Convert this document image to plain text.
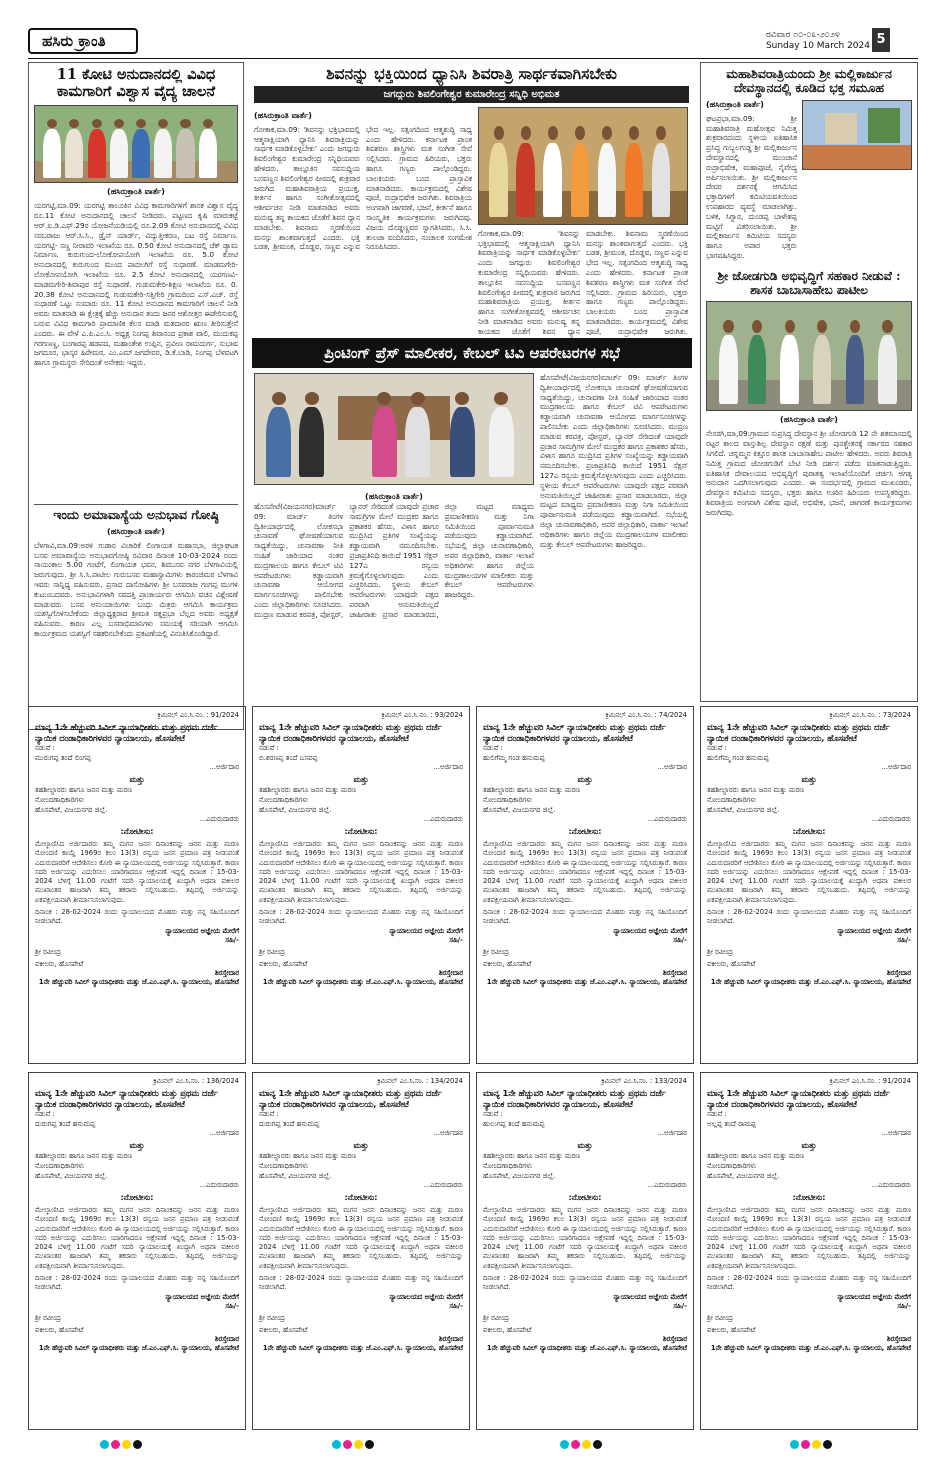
ಹಸಿರು ಕ್ರಾಂತಿ	ರವಿವಾರ ೧೦-೦೩-೨೦೨೪
Sunday 10 March 2024 5
11 ಕೋಟಿ ಅನುದಾನದಲ್ಲಿ ವಿವಿಧ ಕಾಮಗಾರಿಗೆ ವಿಶ್ವಾಸ ವೈದ್ಯ ಚಾಲನೆ
(ಹಸಿರುಕ್ರಾಂತಿ ವಾರ್ತೆ)
ಯರಗಟ್ಟಿ,ಮಾ.09: ಯರಗಟ್ಟಿ ತಾಲೂಕಿನ ವಿವಿಧ ಕಾಮಗಾರಿಗಳಿಗೆ ಶಾಸಕ ವಿಶ್ವಾಸ ವೈದ್ಯ ರೂ.11 ಕೋಟಿ ಅನುದಾನದಲ್ಲಿ ಚಾಲನೆ ನೀಡಿದರು. ಪಟ್ಟಣದ ಕೃಷಿ ಮಾರುಕಟ್ಟೆ ಆರ್.ಐ.ಡಿ.ಎಫ್.29ರ ಯೋಜನೆಯಡಿಯಲ್ಲಿ ರೂ.2.09 ಕೋಟಿ ಅನುದಾನದಲ್ಲಿ ವಿವಿಧ ಸರಬರಾಜು ಆರ್.ಸಿ.ಸಿ., ಡ್ರೈನ್ ಯಾರ್ಡ್, ವಿದ್ಯುತ್ತೀಕರಣ, ಬಟ ರಸ್ತೆ ನಿರ್ಮಾಣ. ಯರಗಟ್ಟಿ- ಸಣ್ಣ ನೀರಾವರಿ ಇಲಾಖೆಯ ರೂ. 0.50 ಕೋಟಿ ಅನುದಾನದಲ್ಲಿ ಚೆಕ್ ಡ್ಯಾಮ ನಿರ್ಮಾಣ. ಕುರುಗುಂದ-ಲೋಕೋಪಯೋಗಿ ಇಲಾಖೆಯ ರೂ. 5.0 ಕೋಟಿ ಅನುದಾನದಲ್ಲಿ ಕುರುಗುಂದ ಮುಂದ ಪಾದಲಗಿಗೆ ರಸ್ತೆ ಸುಧಾರಣೆ. ಮಾಡಮಗೇರಿ-ಲೋಕೋಪಯೋಗಿ ಇಲಾಖೆಯ ರೂ. 2.5 ಕೋಟಿ ಅನುದಾನದಲ್ಲಿ ಯರಗಣವಿ-ಮಾಡಮಗೇರಿ-ಶಿವಾಪುರ ರಸ್ತೆ ಸುಧಾರಣೆ. ಗುಡುಮಕೇರಿ-ಶಿಕ್ಷಣ ಇಲಾಖೆಯ ರೂ. 0. 20.38 ಕೋಟಿ ಅನುದಾನದಲ್ಲಿ ಗುಡುಮಕೇರಿ-ಸತ್ತಿಗೇರಿ ಗ್ರಾಮದಿಂದ ಎಸ್.ಎಚ್. ರಸ್ತೆ ಸುಧಾರಣೆ ಒಟ್ಟು ಸುಮಾರು ರೂ. 11 ಕೋಟಿ ಅನುದಾನದ ಕಾಮಗಾರಿಗೆ ಚಾಲನೆ ನೀಡಿ ಅವರು ಮಾತನಾಡಿ ಈ ಕ್ಷೇತ್ರಕ್ಕೆ ಹೆಚ್ಚು ಅನುದಾನ ತಂದು ಜನರ ಆಶೋತ್ತರ ಈಡೇರಿಸುವಲ್ಲಿ ಬರುವ ವಿವಿಧ ಕಾಮಗಾರಿ ಪ್ರಾಮಾಣಿಕ ಕೆಲಸ ಮಾಡಿ ಮತದಾರರ ಋಣ ತೀರಿಸುತ್ತೇನೆ ಎಂದರು. ಈ ವೇಳೆ ಎ.ಪಿ.ಎಂ.ಸಿ. ಅಧ್ಯಕ್ಷ ನಿಂಗಪ್ಪ ಶಿವಾನಂದ ಪ್ರಕಾಶ ವಾಲಿ, ಮುದುಕಪ್ಪ ಗರಗಣಣ್ಣ, ಬಂಗಾರಪ್ಪ ಹಡಪದ, ಮಹಾಂತೇಶ ಉಪ್ಪಿನ, ಪ್ರವೀಣ ರಾಮದುರ್ಗ, ಸುಭಾಷ ಜಗದೂರ, ಭಾಸ್ಕರ ಹಿರೇಮಠ, ಎಂ.ಎಮ್.ಜಗದೇವರ, ಡಿ.ಕೆ.ಬಾಡಿ, ನಿಂಗಪ್ಪ ಬೆಳವಟಗಿ ಹಾಗೂ ಗ್ರಾಮಸ್ಥರು ಸೇರಿದಂತೆ ಅನೇಕರು ಇದ್ದರು.
ಇಂದು ಅಮಾವಾಸ್ಯೆಯ ಅನುಭಾವ ಗೋಷ್ಠಿ
(ಹಸಿರುಕ್ರಾಂತಿ ವಾರ್ತೆ)
ಬೆಳಗಾವಿ,ಮಾ.09:ಅರಳಿ ಗುಡಾರ ವಿಚಾರಿಕೆ ಲಿಂಗಾಯತ ಮಹಾಸಭಾ, ಜಿಲ್ಲಾಘಟಕ ಬಸವ ಅಮಾವಾಸ್ಯೆಯ ಅನುಭಾವಗೋಷ್ಠಿ ರವಿವಾರ ದಿನಾಂಕ 10-03-2024 ರಂದು ಸಾಯಂಕಾಲ 5.00 ಗಂಟೆಗೆ, ಲಿಂಗಾಯತ ಭವನ, ಶಿವಬಸವ ನಗರ ಬೆಳಗಾವಿಯಲ್ಲಿ ಜರುಗುವುದು. ಶ್ರೀ ಸಿ.ಸಿ.ಪಾಟೀಲ ಗುರುಬಸವ ಮಹಾಸ್ವಾಮಿಗಳು ಕಾರಂಜಿಮಠ ಬೆಳಗಾವಿ ಇವರು ಸಾನ್ನಿಧ್ಯ ವಹಿಸುವರು. ಪ್ರಸಾದ ದಾಸೋಹಿಗಳು ಶ್ರೀ ಬಸವರಾಜ ಗಂಗಪ್ಪ ಮುಗಳಿ ಕುಟುಂಬದವರು. ಅನುಭಾವಿಗಳಾಗಿ ಸವದತ್ತಿ ಪ್ರಾಚಾರ್ಯರು ಆಗಮಿಸಿ ವಚನ ವಿಶ್ಲೇಷಣೆ ಮಾಡುವರು. ಬಸವ ಅನುಯಾಯಿಗಳು ಬಂಧು ಮಿತ್ರರು ಆಗಮಿಸಿ ಕಾರ್ಯಕ್ರಮ ಯಶಸ್ವಿಗೊಳಿಸಬೇಕೆಂದು ಜಿಲ್ಲಾಧ್ಯಕ್ಷರಾದ ಶ್ರೀಮತಿ ರತ್ನಪ್ರಭಾ ಬೆಲ್ಲದ ಅವರು ಅಧ್ಯಕ್ಷತೆ ವಹಿಸುವರು. ಕಾರಣ ಎಲ್ಲ ಬಸವಾಭಿಮಾನಿಗಳು ಸಮಯಕ್ಕೆ ಸರಿಯಾಗಿ ಆಗಮಿಸಿ ಕಾರ್ಯಕ್ರಮದ ಯಶಸ್ವಿಗೆ ಸಹಕರಿಸಬೇಕೆಂದು ಪ್ರಕಟಣೆಯಲ್ಲಿ ವಿನಂತಿಸಿಕೊಂಡಿದ್ದಾರೆ.
ಶಿವನನ್ನು ಭಕ್ತಿಯಿಂದ ಧ್ಯಾನಿಸಿ ಶಿವರಾತ್ರಿ ಸಾರ್ಥಕವಾಗಿಸಬೇಕು
ಜಗದ್ಗುರು ಶಿವಲಿಂಗೇಶ್ವರ ಕುಮಾರೇಂದ್ರ ಸನ್ನಿಧಿ ಅಭಿಮತ
(ಹಸಿರುಕ್ರಾಂತಿ ವಾರ್ತೆ)
ಗೋಕಾಕ,ಮಾ.09: 'ಶಿವನನ್ನು ಭಕ್ತಿಭಾವದಲ್ಲಿ ಆತ್ಮಸಾಕ್ಷಿಯಾಗಿ ಧ್ಯಾನಿಸಿ ಶಿವರಾತ್ರಿಯನ್ನು ಸಾರ್ಥಕ ಮಾಡಿಕೊಳ್ಳಬೇಕು' ಎಂದು ಜಗದ್ಗುರು ಶಿವಲಿಂಗೇಶ್ವರ ಕುಮಾರೇಂದ್ರ ಸನ್ನಿಧಿಯವರು ಹೇಳಿದರು. ತಾಲ್ಲೂಕಿನ ಸವಸುದ್ದಿಯ ಬಸವಣ್ಣನ ಶಿವಲಿಂಗೇಶ್ವರ ಪೀಠದಲ್ಲಿ ಶುಕ್ರವಾರ ಜರುಗಿದ ಮಹಾಶಿವರಾತ್ರಿಯ ಪ್ರಯುಕ್ತ, ಕೀರ್ತನ ಹಾಗೂ ಸಂಗೀತೋತ್ಸವದಲ್ಲಿ ಆಶೀರ್ವಚನ ನೀಡಿ ಮಾತನಾಡಿದ ಅವರು ಮನುಷ್ಯ ತನ್ನ ಕಾಯಕದ ಜೊತೆಗೆ ಶಿವನ ಧ್ಯಾನ ಮಾಡಬೇಕು. ಶಿವನಾಮ ಸ್ಮರಣೆಯಿಂದ ಮನಸ್ಸು ಶಾಂತವಾಗುತ್ತದೆ ಎಂದರು. ಭಕ್ತಿ ಬಡತ, ಶ್ರೀಮಂತ, ದೊಡ್ಡವ, ಸಣ್ಣವ ಎನ್ನುವ ಭೇದ ಇಲ್ಲ. ಸತ್ಸಂಗದಿಂದ ಆತ್ಮಶುದ್ಧಿ ಸಾಧ್ಯ ಎಂದು ಹೇಳಿದರು. ಕರ್ನಾಟಕ ಪ್ರಾಂತ ಶಿವಶರಣ ಶಾಸ್ತ್ರಿಗಳು ಮತ ಸಂಗೀತ ಸೇವೆ ಸಲ್ಲಿಸಿದರು. ಗ್ರಾಮದ ಹಿರಿಯರು, ಭಕ್ತರು ಹಾಗೂ ಗಣ್ಯರು ಪಾಲ್ಗೊಂಡಿದ್ದರು. ಬಾಲಕಿಯರು ಬಂದ ಪ್ರಾಸ್ತಾವಿಕ ಮಾತನಾಡಿದರು. ಕಾರ್ಯಕ್ರಮದಲ್ಲಿ ವಿಶೇಷ ಪೂಜೆ, ರುದ್ರಾಭಿಷೇಕ ಜರುಗಿತು. ಶಿವರಾತ್ರಿಯ ಅಂಗವಾಗಿ ಜಾಗರಣೆ, ಭಜನೆ, ಕೀರ್ತನೆ ಹಾಗೂ ಸಾಂಸ್ಕೃತಿಕ ಕಾರ್ಯಕ್ರಮಗಳು ಜರುಗಿದವು. ವಿಜಯ ದೊಡ್ಡಣ್ಣವರ ಸ್ವಾಗತಿಸಿದರು, ಸಿ.ಸಿ. ತುಲಜಾ ವಂದಿಸಿದರು, ಸಂಚಾಲಕ ಸಂಗಮೇಶ ನಿರೂಪಿಸಿದರು.
ಗೋಕಾಕ,ಮಾ.09: 'ಶಿವನನ್ನು ಭಕ್ತಿಭಾವದಲ್ಲಿ ಆತ್ಮಸಾಕ್ಷಿಯಾಗಿ ಧ್ಯಾನಿಸಿ ಶಿವರಾತ್ರಿಯನ್ನು ಸಾರ್ಥಕ ಮಾಡಿಕೊಳ್ಳಬೇಕು' ಎಂದು ಜಗದ್ಗುರು ಶಿವಲಿಂಗೇಶ್ವರ ಕುಮಾರೇಂದ್ರ ಸನ್ನಿಧಿಯವರು ಹೇಳಿದರು. ತಾಲ್ಲೂಕಿನ ಸವಸುದ್ದಿಯ ಬಸವಣ್ಣನ ಶಿವಲಿಂಗೇಶ್ವರ ಪೀಠದಲ್ಲಿ ಶುಕ್ರವಾರ ಜರುಗಿದ ಮಹಾಶಿವರಾತ್ರಿಯ ಪ್ರಯುಕ್ತ, ಕೀರ್ತನ ಹಾಗೂ ಸಂಗೀತೋತ್ಸವದಲ್ಲಿ ಆಶೀರ್ವಚನ ನೀಡಿ ಮಾತನಾಡಿದ ಅವರು ಮನುಷ್ಯ ತನ್ನ ಕಾಯಕದ ಜೊತೆಗೆ ಶಿವನ ಧ್ಯಾನ ಮಾಡಬೇಕು. ಶಿವನಾಮ ಸ್ಮರಣೆಯಿಂದ ಮನಸ್ಸು ಶಾಂತವಾಗುತ್ತದೆ ಎಂದರು. ಭಕ್ತಿ ಬಡತ, ಶ್ರೀಮಂತ, ದೊಡ್ಡವ, ಸಣ್ಣವ ಎನ್ನುವ ಭೇದ ಇಲ್ಲ. ಸತ್ಸಂಗದಿಂದ ಆತ್ಮಶುದ್ಧಿ ಸಾಧ್ಯ ಎಂದು ಹೇಳಿದರು. ಕರ್ನಾಟಕ ಪ್ರಾಂತ ಶಿವಶರಣ ಶಾಸ್ತ್ರಿಗಳು ಮತ ಸಂಗೀತ ಸೇವೆ ಸಲ್ಲಿಸಿದರು. ಗ್ರಾಮದ ಹಿರಿಯರು, ಭಕ್ತರು ಹಾಗೂ ಗಣ್ಯರು ಪಾಲ್ಗೊಂಡಿದ್ದರು. ಬಾಲಕಿಯರು ಬಂದ ಪ್ರಾಸ್ತಾವಿಕ ಮಾತನಾಡಿದರು. ಕಾರ್ಯಕ್ರಮದಲ್ಲಿ ವಿಶೇಷ ಪೂಜೆ, ರುದ್ರಾಭಿಷೇಕ ಜರುಗಿತು.
ಪ್ರಿಂಟಿಂಗ್ ಪ್ರೆಸ್ ಮಾಲೀಕರ, ಕೇಬಲ್ ಟಿವಿ ಆಪರೇಟರಗಳ ಸಭೆ
(ಹಸಿರುಕ್ರಾಂತಿ ವಾರ್ತೆ)
ಹೊಸಪೇಟೆ(ವಿಜಯನಗರ)ಮಾರ್ಚ್ 09: ಮಾರ್ಚ್ ತಿಂಗಳ ದ್ವಿತೀಯಾರ್ಧದಲ್ಲಿ ಲೋಕಸಭಾ ಚುನಾವಣೆ ಘೋಷಣೆಯಾಗುವ ಸಾಧ್ಯತೆಯಿದ್ದು, ಚುನಾವಣಾ ನೀತಿ ಸಂಹಿತೆ ಜಾರಿಯಾದ ನಂತರ ಮುದ್ರಣಾಲಯ ಹಾಗೂ ಕೇಬಲ್ ಟಿವಿ ಆಪರೇಟರುಗಳು ಕಡ್ಡಾಯವಾಗಿ ಚುನಾವಣಾ ಆಯೋಗದ ಮಾರ್ಗಸೂಚಿಗಳನ್ನು ಪಾಲಿಸಬೇಕು ಎಂದು ಜಿಲ್ಲಾಧಿಕಾರಿಗಳು ಸೂಚಿಸಿದರು. ಮುದ್ರಣ ಮಾಡುವ ಕರಪತ್ರ, ಪೋಸ್ಟರ್, ಬ್ಯಾನರ್ ಸೇರಿದಂತೆ ಯಾವುದೇ ಪ್ರಚಾರ ಸಾಮಗ್ರಿಗಳ ಮೇಲೆ ಮುದ್ರಕರ ಹಾಗೂ ಪ್ರಕಾಶಕರ ಹೆಸರು, ವಿಳಾಸ ಹಾಗೂ ಮುದ್ರಿಸಿದ ಪ್ರತಿಗಳ ಸಂಖ್ಯೆಯನ್ನು ಕಡ್ಡಾಯವಾಗಿ ನಮೂದಿಸಬೇಕು. ಪ್ರಜಾಪ್ರತಿನಿಧಿ ಕಾಯಿದೆ 1951 ಸೆಕ್ಷನ್ 127ಎ ರನ್ವಯ ಕ್ರಮಕೈಗೊಳ್ಳಲಾಗುವುದು ಎಂದು ಎಚ್ಚರಿಸಿದರು. ಸ್ಥಳೀಯ ಕೇಬಲ್ ಆಪರೇಟರುಗಳು ಯಾವುದೇ ಪಕ್ಷದ ಪರವಾಗಿ ಅನುಮತಿಯಿಲ್ಲದೆ ಜಾಹೀರಾತು ಪ್ರಸಾರ ಮಾಡಬಾರದು, ಜಿಲ್ಲಾ ಮಟ್ಟದ ಮಾಧ್ಯಮ ಪ್ರಮಾಣೀಕರಣ ಮತ್ತು ನಿಗಾ ಸಮಿತಿಯಿಂದ ಪೂರ್ವಾನುಮತಿ ಪಡೆಯುವುದು ಕಡ್ಡಾಯವಾಗಿದೆ. ಸಭೆಯಲ್ಲಿ ಜಿಲ್ಲಾ ಚುನಾವಣಾಧಿಕಾರಿ, ಅಪರ ಜಿಲ್ಲಾಧಿಕಾರಿ, ವಾರ್ತಾ ಇಲಾಖೆ ಅಧಿಕಾರಿಗಳು ಹಾಗೂ ಜಿಲ್ಲೆಯ ಮುದ್ರಣಾಲಯಗಳ ಮಾಲೀಕರು ಮತ್ತು ಕೇಬಲ್ ಆಪರೇಟರುಗಳು ಹಾಜರಿದ್ದರು.
ಹೊಸಪೇಟೆ(ವಿಜಯನಗರ)ಮಾರ್ಚ್ 09: ಮಾರ್ಚ್ ತಿಂಗಳ ದ್ವಿತೀಯಾರ್ಧದಲ್ಲಿ ಲೋಕಸಭಾ ಚುನಾವಣೆ ಘೋಷಣೆಯಾಗುವ ಸಾಧ್ಯತೆಯಿದ್ದು, ಚುನಾವಣಾ ನೀತಿ ಸಂಹಿತೆ ಜಾರಿಯಾದ ನಂತರ ಮುದ್ರಣಾಲಯ ಹಾಗೂ ಕೇಬಲ್ ಟಿವಿ ಆಪರೇಟರುಗಳು ಕಡ್ಡಾಯವಾಗಿ ಚುನಾವಣಾ ಆಯೋಗದ ಮಾರ್ಗಸೂಚಿಗಳನ್ನು ಪಾಲಿಸಬೇಕು ಎಂದು ಜಿಲ್ಲಾಧಿಕಾರಿಗಳು ಸೂಚಿಸಿದರು. ಮುದ್ರಣ ಮಾಡುವ ಕರಪತ್ರ, ಪೋಸ್ಟರ್, ಬ್ಯಾನರ್ ಸೇರಿದಂತೆ ಯಾವುದೇ ಪ್ರಚಾರ ಸಾಮಗ್ರಿಗಳ ಮೇಲೆ ಮುದ್ರಕರ ಹಾಗೂ ಪ್ರಕಾಶಕರ ಹೆಸರು, ವಿಳಾಸ ಹಾಗೂ ಮುದ್ರಿಸಿದ ಪ್ರತಿಗಳ ಸಂಖ್ಯೆಯನ್ನು ಕಡ್ಡಾಯವಾಗಿ ನಮೂದಿಸಬೇಕು. ಪ್ರಜಾಪ್ರತಿನಿಧಿ ಕಾಯಿದೆ 1951 ಸೆಕ್ಷನ್ 127ಎ ರನ್ವಯ ಕ್ರಮಕೈಗೊಳ್ಳಲಾಗುವುದು ಎಂದು ಎಚ್ಚರಿಸಿದರು. ಸ್ಥಳೀಯ ಕೇಬಲ್ ಆಪರೇಟರುಗಳು ಯಾವುದೇ ಪಕ್ಷದ ಪರವಾಗಿ ಅನುಮತಿಯಿಲ್ಲದೆ ಜಾಹೀರಾತು ಪ್ರಸಾರ ಮಾಡಬಾರದು, ಜಿಲ್ಲಾ ಮಟ್ಟದ ಮಾಧ್ಯಮ ಪ್ರಮಾಣೀಕರಣ ಮತ್ತು ನಿಗಾ ಸಮಿತಿಯಿಂದ ಪೂರ್ವಾನುಮತಿ ಪಡೆಯುವುದು ಕಡ್ಡಾಯವಾಗಿದೆ. ಸಭೆಯಲ್ಲಿ ಜಿಲ್ಲಾ ಚುನಾವಣಾಧಿಕಾರಿ, ಅಪರ ಜಿಲ್ಲಾಧಿಕಾರಿ, ವಾರ್ತಾ ಇಲಾಖೆ ಅಧಿಕಾರಿಗಳು ಹಾಗೂ ಜಿಲ್ಲೆಯ ಮುದ್ರಣಾಲಯಗಳ ಮಾಲೀಕರು ಮತ್ತು ಕೇಬಲ್ ಆಪರೇಟರುಗಳು ಹಾಜರಿದ್ದರು.
ಮಹಾಶಿವರಾತ್ರಿಯಂದು ಶ್ರೀ ಮಲ್ಲಿಕಾರ್ಜುನ ದೇವಸ್ಥಾನದಲ್ಲಿ ಕೂಡಿದ ಭಕ್ತ ಸಮೂಹ
(ಹಸಿರುಕ್ರಾಂತಿ ವಾರ್ತೆ)
ಘಟಪ್ರಭಾ,ಮಾ.09: ಶ್ರೀ ಮಹಾಶಿವರಾತ್ರಿ ಮಹೋತ್ಸವ ನಿಮಿತ್ತ ಶುಕ್ರವಾರದಂದು ಸ್ಥಳೀಯ ಐತಿಹಾಸಿಕ ಪ್ರಸಿದ್ಧ ಗುಬ್ಬಲಗುಡ್ಡ ಶ್ರೀ ಮಲ್ಲಿಕಾರ್ಜುನ ದೇವಸ್ಥಾನದಲ್ಲಿ ಮುಂಜಾನೆ ರುದ್ರಾಭಿಷೇಕ, ಮಹಾಪೂಜೆ, ನೈವೇದ್ಯ ಅರ್ಪಿಸಲಾಯಿತು. ಶ್ರೀ ಮಲ್ಲಿಕಾರ್ಜುನ ದೇವರ ದರ್ಶನಕ್ಕೆ ಆಗಮಿಸಿದ ಭಕ್ತಾದಿಗಳಿಗೆ ಕಮಿಟಿಯವತಿಯಿಂದ ಉಪಹಾರದ ವ್ಯವಸ್ಥೆ ಮಾಡಲಾಗಿತ್ತು. ಬಳಿಕ, ಸಿಗ್ನಾರ, ದುಂಡಪ್ಪ ಬಾಳೇಶಪ್ಪ ಮಟ್ಟಿಗೆ ವಿತರಿಸಲಾಯಿತು. ಶ್ರೀ ಮಲ್ಲಿಕಾರ್ಜುನ ಕಮಿಟಿಯ ಸದಸ್ಯರು ಹಾಗೂ ಅಪಾರ ಭಕ್ತರು ಭಾಗವಹಿಸಿದ್ದರು.
ಶ್ರೀ ಜೋಡಗುಡಿ ಅಭಿವೃದ್ಧಿಗೆ ಸಹಕಾರ ನೀಡುವೆ : ಶಾಸಕ ಬಾಬಾಸಾಹೇಬ ಪಾಟೀಲ
(ಹಸಿರುಕ್ರಾಂತಿ ವಾರ್ತೆ)
ನೇಸರಗಿ,ಮಾ,09:ಗ್ರಾಮದ ಸುಪ್ರಸಿದ್ಧ ದೇವಸ್ಥಾನ ಶ್ರೀ ಜೋಡಗುಡಿ 12 ನೇ ಶತಮಾನದಲ್ಲಿ ರಟ್ಟರ ಕಾಲದ ವಾಸ್ತುಶಿಲ್ಪ ದೇವಸ್ಥಾನ ರಕ್ಷಣೆ ಮತ್ತು ಪುನಶ್ಚೇತನಕ್ಕೆ ಸರ್ಕಾರದ ಸಹಕಾರ ಸಿಗಲಿದೆ. ಚನ್ನಮ್ಮನ ಕಿತ್ತೂರ ಶಾಸಕ ಬಾಬಾಸಾಹೇಬ ಪಾಟೀಲ ಹೇಳಿದರು. ಅವರು ಶಿವರಾತ್ರಿ ನಿಮಿತ್ತ ಗ್ರಾಮದ ಜೋಡಗುಡಿಗೆ ಬೇಟಿ ನೀಡಿ ದರ್ಶನ ಪಡೆದು ಮಾತನಾಡುತ್ತಿದ್ದರು. ಐತಿಹಾಸಿಕ ದೇವಾಲಯದ ಅಭಿವೃದ್ಧಿಗೆ ಪುರಾತತ್ವ ಇಲಾಖೆಯೊಂದಿಗೆ ಚರ್ಚಿಸಿ ಅಗತ್ಯ ಅನುದಾನ ಒದಗಿಸಲಾಗುವುದು ಎಂದರು. ಈ ಸಂದರ್ಭದಲ್ಲಿ ಗ್ರಾಮದ ಮುಖಂಡರು, ದೇವಸ್ಥಾನ ಕಮಿಟಿಯ ಸದಸ್ಯರು, ಭಕ್ತರು ಹಾಗೂ ಊರಿನ ಹಿರಿಯರು ಉಪಸ್ಥಿತರಿದ್ದರು. ಶಿವರಾತ್ರಿಯ ಅಂಗವಾಗಿ ವಿಶೇಷ ಪೂಜೆ, ಅಭಿಷೇಕ, ಭಜನೆ, ಜಾಗರಣೆ ಕಾರ್ಯಕ್ರಮಗಳು ಜರುಗಿದವು.
ಕ್ರಿಮಿನಲ್ ಎಂ.ಸಿ.ನಂ. : 91/2024
ಮಾನ್ಯ 1ನೇ ಹೆಚ್ಚುವರಿ ಸಿವಿಲ್ ನ್ಯಾಯಾಧೀಶರು ಮತ್ತು ಪ್ರಥಮ ದರ್ಜೆ ನ್ಯಾಯಿಕ ದಂಡಾಧಿಕಾರಿಗಳವರ ನ್ಯಾಯಾಲಯ, ಹೊಸಪೇಟೆ
ನಡುವೆ :
ಮುರುಗಪ್ಪ ತಂದೆ ಲಿಂಗಪ್ಪ
...ಅರ್ಜಿದಾರ
ಮತ್ತು
ತಹಶೀಲ್ದಾರರು ಹಾಗೂ ಜನನ ಮತ್ತು ಮರಣ
ನೋಂದಣಾಧಿಕಾರಿಗಳು
ಹೊಸಪೇಟೆ, ವಿಜಯನಗರ ಜಿಲ್ಲೆ.
...ಎದುರುದಾರರು
:ನೋಟೀಸು:
ಮೇಲ್ಕಾಣಿಸಿದ ಅರ್ಜಿದಾರರು ತಮ್ಮ ಮಗನ ಜನನ ದಿನಾಂಕವನ್ನು ಜನನ ಮತ್ತು ಮರಣ ನೋಂದಣಿ ಕಾಯ್ದೆ 1969ರ ಕಲಂ 13(3) ರನ್ವಯ ಜನನ ಪ್ರಮಾಣ ಪತ್ರ ನೀಡುವಂತೆ ಎದುರುದಾರರಿಗೆ ಆದೇಶಿಸಲು ಕೋರಿ ಈ ನ್ಯಾಯಾಲಯದಲ್ಲಿ ಅರ್ಜಿಯನ್ನು ಸಲ್ಲಿಸಿರುತ್ತಾರೆ. ಕಾರಣ ಸದರಿ ಅರ್ಜಿಯನ್ನು ಎದುರಿಸಲು ಯಾರಿಗಾದರೂ ಆಕ್ಷೇಪಣೆ ಇದ್ದಲ್ಲಿ ದಿನಾಂಕ : 15-03-2024 ಬೆಳಿಗ್ಗೆ 11.00 ಗಂಟೆಗೆ ಸದರಿ ನ್ಯಾಯಾಲಯಕ್ಕೆ ಖುದ್ದಾಗಿ ಅಥವಾ ವಕೀಲರ ಮುಖಾಂತರ ಹಾಜರಾಗಿ ತಮ್ಮ ತಕರಾರು ಸಲ್ಲಿಸಬಹುದು. ತಪ್ಪಿದಲ್ಲಿ ಅರ್ಜಿಯನ್ನು ಏಕಪಕ್ಷೀಯವಾಗಿ ತೀರ್ಮಾನಿಸಲಾಗುವುದು.
ದಿನಾಂಕ : 28-02-2024 ರಂದು ನ್ಯಾಯಾಲಯದ ಮೊಹರು ಮತ್ತು ನನ್ನ ಸಹಿಯೊಂದಿಗೆ ನೀಡಲಾಗಿದೆ.
ನ್ಯಾಯಾಲಯದ ಅಜ್ಞೇಯ ಮೇರೆಗೆ
ಸಹಿ/-
ಶ್ರೀ ರವೀಂದ್ರ
ವಕೀಲರು, ಹೊಸಪೇಟೆ
ಶಿರಸ್ತೇದಾರ
1ನೇ ಹೆಚ್ಚುವರಿ ಸಿವಿಲ್ ನ್ಯಾಯಾಧೀಶರು ಮತ್ತು ಜೆ.ಎಂ.ಎಫ್.ಸಿ. ನ್ಯಾಯಾಲಯ, ಹೊಸಪೇಟೆ
ಕ್ರಿಮಿನಲ್ ಎಂ.ಸಿ.ನಂ. : 93/2024
ಮಾನ್ಯ 1ನೇ ಹೆಚ್ಚುವರಿ ಸಿವಿಲ್ ನ್ಯಾಯಾಧೀಶರು ಮತ್ತು ಪ್ರಥಮ ದರ್ಜೆ ನ್ಯಾಯಿಕ ದಂಡಾಧಿಕಾರಿಗಳವರ ನ್ಯಾಯಾಲಯ, ಹೊಸಪೇಟೆ
ನಡುವೆ :
ಬಿ.ಶರಣಪ್ಪ ತಂದೆ ಬಸವಪ್ಪ
...ಅರ್ಜಿದಾರ
ಮತ್ತು
ತಹಶೀಲ್ದಾರರು ಹಾಗೂ ಜನನ ಮತ್ತು ಮರಣ
ನೋಂದಣಾಧಿಕಾರಿಗಳು
ಹೊಸಪೇಟೆ, ವಿಜಯನಗರ ಜಿಲ್ಲೆ.
...ಎದುರುದಾರರು
:ನೋಟೀಸು:
ಮೇಲ್ಕಾಣಿಸಿದ ಅರ್ಜಿದಾರರು ತಮ್ಮ ಮಗನ ಜನನ ದಿನಾಂಕವನ್ನು ಜನನ ಮತ್ತು ಮರಣ ನೋಂದಣಿ ಕಾಯ್ದೆ 1969ರ ಕಲಂ 13(3) ರನ್ವಯ ಜನನ ಪ್ರಮಾಣ ಪತ್ರ ನೀಡುವಂತೆ ಎದುರುದಾರರಿಗೆ ಆದೇಶಿಸಲು ಕೋರಿ ಈ ನ್ಯಾಯಾಲಯದಲ್ಲಿ ಅರ್ಜಿಯನ್ನು ಸಲ್ಲಿಸಿರುತ್ತಾರೆ. ಕಾರಣ ಸದರಿ ಅರ್ಜಿಯನ್ನು ಎದುರಿಸಲು ಯಾರಿಗಾದರೂ ಆಕ್ಷೇಪಣೆ ಇದ್ದಲ್ಲಿ ದಿನಾಂಕ : 15-03-2024 ಬೆಳಿಗ್ಗೆ 11.00 ಗಂಟೆಗೆ ಸದರಿ ನ್ಯಾಯಾಲಯಕ್ಕೆ ಖುದ್ದಾಗಿ ಅಥವಾ ವಕೀಲರ ಮುಖಾಂತರ ಹಾಜರಾಗಿ ತಮ್ಮ ತಕರಾರು ಸಲ್ಲಿಸಬಹುದು. ತಪ್ಪಿದಲ್ಲಿ ಅರ್ಜಿಯನ್ನು ಏಕಪಕ್ಷೀಯವಾಗಿ ತೀರ್ಮಾನಿಸಲಾಗುವುದು.
ದಿನಾಂಕ : 28-02-2024 ರಂದು ನ್ಯಾಯಾಲಯದ ಮೊಹರು ಮತ್ತು ನನ್ನ ಸಹಿಯೊಂದಿಗೆ ನೀಡಲಾಗಿದೆ.
ನ್ಯಾಯಾಲಯದ ಅಜ್ಞೇಯ ಮೇರೆಗೆ
ಸಹಿ/-
ಶ್ರೀ ರವೀಂದ್ರ
ವಕೀಲರು, ಹೊಸಪೇಟೆ
ಶಿರಸ್ತೇದಾರ
1ನೇ ಹೆಚ್ಚುವರಿ ಸಿವಿಲ್ ನ್ಯಾಯಾಧೀಶರು ಮತ್ತು ಜೆ.ಎಂ.ಎಫ್.ಸಿ. ನ್ಯಾಯಾಲಯ, ಹೊಸಪೇಟೆ
ಕ್ರಿಮಿನಲ್ ಎಂ.ಸಿ.ನಂ. : 74/2024
ಮಾನ್ಯ 1ನೇ ಹೆಚ್ಚುವರಿ ಸಿವಿಲ್ ನ್ಯಾಯಾಧೀಶರು ಮತ್ತು ಪ್ರಥಮ ದರ್ಜೆ ನ್ಯಾಯಿಕ ದಂಡಾಧಿಕಾರಿಗಳವರ ನ್ಯಾಯಾಲಯ, ಹೊಸಪೇಟೆ
ನಡುವೆ :
ಹುಲಿಗೆಮ್ಮ ಗಂಡ ಹನುಮಪ್ಪ
...ಅರ್ಜಿದಾರ
ಮತ್ತು
ತಹಶೀಲ್ದಾರರು ಹಾಗೂ ಜನನ ಮತ್ತು ಮರಣ
ನೋಂದಣಾಧಿಕಾರಿಗಳು
ಹೊಸಪೇಟೆ, ವಿಜಯನಗರ ಜಿಲ್ಲೆ.
...ಎದುರುದಾರರು
:ನೋಟೀಸು:
ಮೇಲ್ಕಾಣಿಸಿದ ಅರ್ಜಿದಾರರು ತಮ್ಮ ಮಗನ ಜನನ ದಿನಾಂಕವನ್ನು ಜನನ ಮತ್ತು ಮರಣ ನೋಂದಣಿ ಕಾಯ್ದೆ 1969ರ ಕಲಂ 13(3) ರನ್ವಯ ಜನನ ಪ್ರಮಾಣ ಪತ್ರ ನೀಡುವಂತೆ ಎದುರುದಾರರಿಗೆ ಆದೇಶಿಸಲು ಕೋರಿ ಈ ನ್ಯಾಯಾಲಯದಲ್ಲಿ ಅರ್ಜಿಯನ್ನು ಸಲ್ಲಿಸಿರುತ್ತಾರೆ. ಕಾರಣ ಸದರಿ ಅರ್ಜಿಯನ್ನು ಎದುರಿಸಲು ಯಾರಿಗಾದರೂ ಆಕ್ಷೇಪಣೆ ಇದ್ದಲ್ಲಿ ದಿನಾಂಕ : 15-03-2024 ಬೆಳಿಗ್ಗೆ 11.00 ಗಂಟೆಗೆ ಸದರಿ ನ್ಯಾಯಾಲಯಕ್ಕೆ ಖುದ್ದಾಗಿ ಅಥವಾ ವಕೀಲರ ಮುಖಾಂತರ ಹಾಜರಾಗಿ ತಮ್ಮ ತಕರಾರು ಸಲ್ಲಿಸಬಹುದು. ತಪ್ಪಿದಲ್ಲಿ ಅರ್ಜಿಯನ್ನು ಏಕಪಕ್ಷೀಯವಾಗಿ ತೀರ್ಮಾನಿಸಲಾಗುವುದು.
ದಿನಾಂಕ : 28-02-2024 ರಂದು ನ್ಯಾಯಾಲಯದ ಮೊಹರು ಮತ್ತು ನನ್ನ ಸಹಿಯೊಂದಿಗೆ ನೀಡಲಾಗಿದೆ.
ನ್ಯಾಯಾಲಯದ ಅಜ್ಞೇಯ ಮೇರೆಗೆ
ಸಹಿ/-
ಶ್ರೀ ರವೀಂದ್ರ
ವಕೀಲರು, ಹೊಸಪೇಟೆ
ಶಿರಸ್ತೇದಾರ
1ನೇ ಹೆಚ್ಚುವರಿ ಸಿವಿಲ್ ನ್ಯಾಯಾಧೀಶರು ಮತ್ತು ಜೆ.ಎಂ.ಎಫ್.ಸಿ. ನ್ಯಾಯಾಲಯ, ಹೊಸಪೇಟೆ
ಕ್ರಿಮಿನಲ್ ಎಂ.ಸಿ.ನಂ. : 73/2024
ಮಾನ್ಯ 1ನೇ ಹೆಚ್ಚುವರಿ ಸಿವಿಲ್ ನ್ಯಾಯಾಧೀಶರು ಮತ್ತು ಪ್ರಥಮ ದರ್ಜೆ ನ್ಯಾಯಿಕ ದಂಡಾಧಿಕಾರಿಗಳವರ ನ್ಯಾಯಾಲಯ, ಹೊಸಪೇಟೆ
ನಡುವೆ :
ಹುಲಿಗೆಮ್ಮ ಗಂಡ ಹನುಮಪ್ಪ
...ಅರ್ಜಿದಾರ
ಮತ್ತು
ತಹಶೀಲ್ದಾರರು ಹಾಗೂ ಜನನ ಮತ್ತು ಮರಣ
ನೋಂದಣಾಧಿಕಾರಿಗಳು
ಹೊಸಪೇಟೆ, ವಿಜಯನಗರ ಜಿಲ್ಲೆ.
...ಎದುರುದಾರರು
:ನೋಟೀಸು:
ಮೇಲ್ಕಾಣಿಸಿದ ಅರ್ಜಿದಾರರು ತಮ್ಮ ಮಗನ ಜನನ ದಿನಾಂಕವನ್ನು ಜನನ ಮತ್ತು ಮರಣ ನೋಂದಣಿ ಕಾಯ್ದೆ 1969ರ ಕಲಂ 13(3) ರನ್ವಯ ಜನನ ಪ್ರಮಾಣ ಪತ್ರ ನೀಡುವಂತೆ ಎದುರುದಾರರಿಗೆ ಆದೇಶಿಸಲು ಕೋರಿ ಈ ನ್ಯಾಯಾಲಯದಲ್ಲಿ ಅರ್ಜಿಯನ್ನು ಸಲ್ಲಿಸಿರುತ್ತಾರೆ. ಕಾರಣ ಸದರಿ ಅರ್ಜಿಯನ್ನು ಎದುರಿಸಲು ಯಾರಿಗಾದರೂ ಆಕ್ಷೇಪಣೆ ಇದ್ದಲ್ಲಿ ದಿನಾಂಕ : 15-03-2024 ಬೆಳಿಗ್ಗೆ 11.00 ಗಂಟೆಗೆ ಸದರಿ ನ್ಯಾಯಾಲಯಕ್ಕೆ ಖುದ್ದಾಗಿ ಅಥವಾ ವಕೀಲರ ಮುಖಾಂತರ ಹಾಜರಾಗಿ ತಮ್ಮ ತಕರಾರು ಸಲ್ಲಿಸಬಹುದು. ತಪ್ಪಿದಲ್ಲಿ ಅರ್ಜಿಯನ್ನು ಏಕಪಕ್ಷೀಯವಾಗಿ ತೀರ್ಮಾನಿಸಲಾಗುವುದು.
ದಿನಾಂಕ : 28-02-2024 ರಂದು ನ್ಯಾಯಾಲಯದ ಮೊಹರು ಮತ್ತು ನನ್ನ ಸಹಿಯೊಂದಿಗೆ ನೀಡಲಾಗಿದೆ.
ನ್ಯಾಯಾಲಯದ ಅಜ್ಞೇಯ ಮೇರೆಗೆ
ಸಹಿ/-
ಶ್ರೀ ರವೀಂದ್ರ
ವಕೀಲರು, ಹೊಸಪೇಟೆ
ಶಿರಸ್ತೇದಾರ
1ನೇ ಹೆಚ್ಚುವರಿ ಸಿವಿಲ್ ನ್ಯಾಯಾಧೀಶರು ಮತ್ತು ಜೆ.ಎಂ.ಎಫ್.ಸಿ. ನ್ಯಾಯಾಲಯ, ಹೊಸಪೇಟೆ
ಕ್ರಿಮಿನಲ್ ಎಂ.ಸಿ.ನಂ. : 136/2024
ಮಾನ್ಯ 1ನೇ ಹೆಚ್ಚುವರಿ ಸಿವಿಲ್ ನ್ಯಾಯಾಧೀಶರು ಮತ್ತು ಪ್ರಥಮ ದರ್ಜೆ ನ್ಯಾಯಿಕ ದಂಡಾಧಿಕಾರಿಗಳವರ ನ್ಯಾಯಾಲಯ, ಹೊಸಪೇಟೆ
ನಡುವೆ :
ದುರುಗಪ್ಪ ತಂದೆ ಹನುಮಪ್ಪ
...ಅರ್ಜಿದಾರ
ಮತ್ತು
ತಹಶೀಲ್ದಾರರು ಹಾಗೂ ಜನನ ಮತ್ತು ಮರಣ
ನೋಂದಣಾಧಿಕಾರಿಗಳು
ಹೊಸಪೇಟೆ, ವಿಜಯನಗರ ಜಿಲ್ಲೆ.
...ಎದುರುದಾರರು
:ನೋಟೀಸು:
ಮೇಲ್ಕಾಣಿಸಿದ ಅರ್ಜಿದಾರರು ತಮ್ಮ ಮಗನ ಜನನ ದಿನಾಂಕವನ್ನು ಜನನ ಮತ್ತು ಮರಣ ನೋಂದಣಿ ಕಾಯ್ದೆ 1969ರ ಕಲಂ 13(3) ರನ್ವಯ ಜನನ ಪ್ರಮಾಣ ಪತ್ರ ನೀಡುವಂತೆ ಎದುರುದಾರರಿಗೆ ಆದೇಶಿಸಲು ಕೋರಿ ಈ ನ್ಯಾಯಾಲಯದಲ್ಲಿ ಅರ್ಜಿಯನ್ನು ಸಲ್ಲಿಸಿರುತ್ತಾರೆ. ಕಾರಣ ಸದರಿ ಅರ್ಜಿಯನ್ನು ಎದುರಿಸಲು ಯಾರಿಗಾದರೂ ಆಕ್ಷೇಪಣೆ ಇದ್ದಲ್ಲಿ ದಿನಾಂಕ : 15-03-2024 ಬೆಳಿಗ್ಗೆ 11.00 ಗಂಟೆಗೆ ಸದರಿ ನ್ಯಾಯಾಲಯಕ್ಕೆ ಖುದ್ದಾಗಿ ಅಥವಾ ವಕೀಲರ ಮುಖಾಂತರ ಹಾಜರಾಗಿ ತಮ್ಮ ತಕರಾರು ಸಲ್ಲಿಸಬಹುದು. ತಪ್ಪಿದಲ್ಲಿ ಅರ್ಜಿಯನ್ನು ಏಕಪಕ್ಷೀಯವಾಗಿ ತೀರ್ಮಾನಿಸಲಾಗುವುದು.
ದಿನಾಂಕ : 28-02-2024 ರಂದು ನ್ಯಾಯಾಲಯದ ಮೊಹರು ಮತ್ತು ನನ್ನ ಸಹಿಯೊಂದಿಗೆ ನೀಡಲಾಗಿದೆ.
ನ್ಯಾಯಾಲಯದ ಅಜ್ಞೇಯ ಮೇರೆಗೆ
ಸಹಿ/-
ಶ್ರೀ ರವೀಂದ್ರ
ವಕೀಲರು, ಹೊಸಪೇಟೆ
ಶಿರಸ್ತೇದಾರ
1ನೇ ಹೆಚ್ಚುವರಿ ಸಿವಿಲ್ ನ್ಯಾಯಾಧೀಶರು ಮತ್ತು ಜೆ.ಎಂ.ಎಫ್.ಸಿ. ನ್ಯಾಯಾಲಯ, ಹೊಸಪೇಟೆ
ಕ್ರಿಮಿನಲ್ ಎಂ.ಸಿ.ನಂ. : 134/2024
ಮಾನ್ಯ 1ನೇ ಹೆಚ್ಚುವರಿ ಸಿವಿಲ್ ನ್ಯಾಯಾಧೀಶರು ಮತ್ತು ಪ್ರಥಮ ದರ್ಜೆ ನ್ಯಾಯಿಕ ದಂಡಾಧಿಕಾರಿಗಳವರ ನ್ಯಾಯಾಲಯ, ಹೊಸಪೇಟೆ
ನಡುವೆ :
ದುರುಗಪ್ಪ ತಂದೆ ಹನುಮಪ್ಪ
...ಅರ್ಜಿದಾರ
ಮತ್ತು
ತಹಶೀಲ್ದಾರರು ಹಾಗೂ ಜನನ ಮತ್ತು ಮರಣ
ನೋಂದಣಾಧಿಕಾರಿಗಳು
ಹೊಸಪೇಟೆ, ವಿಜಯನಗರ ಜಿಲ್ಲೆ.
...ಎದುರುದಾರರು
:ನೋಟೀಸು:
ಮೇಲ್ಕಾಣಿಸಿದ ಅರ್ಜಿದಾರರು ತಮ್ಮ ಮಗನ ಜನನ ದಿನಾಂಕವನ್ನು ಜನನ ಮತ್ತು ಮರಣ ನೋಂದಣಿ ಕಾಯ್ದೆ 1969ರ ಕಲಂ 13(3) ರನ್ವಯ ಜನನ ಪ್ರಮಾಣ ಪತ್ರ ನೀಡುವಂತೆ ಎದುರುದಾರರಿಗೆ ಆದೇಶಿಸಲು ಕೋರಿ ಈ ನ್ಯಾಯಾಲಯದಲ್ಲಿ ಅರ್ಜಿಯನ್ನು ಸಲ್ಲಿಸಿರುತ್ತಾರೆ. ಕಾರಣ ಸದರಿ ಅರ್ಜಿಯನ್ನು ಎದುರಿಸಲು ಯಾರಿಗಾದರೂ ಆಕ್ಷೇಪಣೆ ಇದ್ದಲ್ಲಿ ದಿನಾಂಕ : 15-03-2024 ಬೆಳಿಗ್ಗೆ 11.00 ಗಂಟೆಗೆ ಸದರಿ ನ್ಯಾಯಾಲಯಕ್ಕೆ ಖುದ್ದಾಗಿ ಅಥವಾ ವಕೀಲರ ಮುಖಾಂತರ ಹಾಜರಾಗಿ ತಮ್ಮ ತಕರಾರು ಸಲ್ಲಿಸಬಹುದು. ತಪ್ಪಿದಲ್ಲಿ ಅರ್ಜಿಯನ್ನು ಏಕಪಕ್ಷೀಯವಾಗಿ ತೀರ್ಮಾನಿಸಲಾಗುವುದು.
ದಿನಾಂಕ : 28-02-2024 ರಂದು ನ್ಯಾಯಾಲಯದ ಮೊಹರು ಮತ್ತು ನನ್ನ ಸಹಿಯೊಂದಿಗೆ ನೀಡಲಾಗಿದೆ.
ನ್ಯಾಯಾಲಯದ ಅಜ್ಞೇಯ ಮೇರೆಗೆ
ಸಹಿ/-
ಶ್ರೀ ರವೀಂದ್ರ
ವಕೀಲರು, ಹೊಸಪೇಟೆ
ಶಿರಸ್ತೇದಾರ
1ನೇ ಹೆಚ್ಚುವರಿ ಸಿವಿಲ್ ನ್ಯಾಯಾಧೀಶರು ಮತ್ತು ಜೆ.ಎಂ.ಎಫ್.ಸಿ. ನ್ಯಾಯಾಲಯ, ಹೊಸಪೇಟೆ
ಕ್ರಿಮಿನಲ್ ಎಂ.ಸಿ.ನಂ. : 133/2024
ಮಾನ್ಯ 1ನೇ ಹೆಚ್ಚುವರಿ ಸಿವಿಲ್ ನ್ಯಾಯಾಧೀಶರು ಮತ್ತು ಪ್ರಥಮ ದರ್ಜೆ ನ್ಯಾಯಿಕ ದಂಡಾಧಿಕಾರಿಗಳವರ ನ್ಯಾಯಾಲಯ, ಹೊಸಪೇಟೆ
ನಡುವೆ :
ಹುಲುಗಪ್ಪ ತಂದೆ ಹನುಮಪ್ಪ
...ಅರ್ಜಿದಾರ
ಮತ್ತು
ತಹಶೀಲ್ದಾರರು ಹಾಗೂ ಜನನ ಮತ್ತು ಮರಣ
ನೋಂದಣಾಧಿಕಾರಿಗಳು
ಹೊಸಪೇಟೆ, ವಿಜಯನಗರ ಜಿಲ್ಲೆ.
...ಎದುರುದಾರರು
:ನೋಟೀಸು:
ಮೇಲ್ಕಾಣಿಸಿದ ಅರ್ಜಿದಾರರು ತಮ್ಮ ಮಗನ ಜನನ ದಿನಾಂಕವನ್ನು ಜನನ ಮತ್ತು ಮರಣ ನೋಂದಣಿ ಕಾಯ್ದೆ 1969ರ ಕಲಂ 13(3) ರನ್ವಯ ಜನನ ಪ್ರಮಾಣ ಪತ್ರ ನೀಡುವಂತೆ ಎದುರುದಾರರಿಗೆ ಆದೇಶಿಸಲು ಕೋರಿ ಈ ನ್ಯಾಯಾಲಯದಲ್ಲಿ ಅರ್ಜಿಯನ್ನು ಸಲ್ಲಿಸಿರುತ್ತಾರೆ. ಕಾರಣ ಸದರಿ ಅರ್ಜಿಯನ್ನು ಎದುರಿಸಲು ಯಾರಿಗಾದರೂ ಆಕ್ಷೇಪಣೆ ಇದ್ದಲ್ಲಿ ದಿನಾಂಕ : 15-03-2024 ಬೆಳಿಗ್ಗೆ 11.00 ಗಂಟೆಗೆ ಸದರಿ ನ್ಯಾಯಾಲಯಕ್ಕೆ ಖುದ್ದಾಗಿ ಅಥವಾ ವಕೀಲರ ಮುಖಾಂತರ ಹಾಜರಾಗಿ ತಮ್ಮ ತಕರಾರು ಸಲ್ಲಿಸಬಹುದು. ತಪ್ಪಿದಲ್ಲಿ ಅರ್ಜಿಯನ್ನು ಏಕಪಕ್ಷೀಯವಾಗಿ ತೀರ್ಮಾನಿಸಲಾಗುವುದು.
ದಿನಾಂಕ : 28-02-2024 ರಂದು ನ್ಯಾಯಾಲಯದ ಮೊಹರು ಮತ್ತು ನನ್ನ ಸಹಿಯೊಂದಿಗೆ ನೀಡಲಾಗಿದೆ.
ನ್ಯಾಯಾಲಯದ ಅಜ್ಞೇಯ ಮೇರೆಗೆ
ಸಹಿ/-
ಶ್ರೀ ರವೀಂದ್ರ
ವಕೀಲರು, ಹೊಸಪೇಟೆ
ಶಿರಸ್ತೇದಾರ
1ನೇ ಹೆಚ್ಚುವರಿ ಸಿವಿಲ್ ನ್ಯಾಯಾಧೀಶರು ಮತ್ತು ಜೆ.ಎಂ.ಎಫ್.ಸಿ. ನ್ಯಾಯಾಲಯ, ಹೊಸಪೇಟೆ
ಕ್ರಿಮಿನಲ್ ಎಂ.ಸಿ.ನಂ. : 91/2024
ಮಾನ್ಯ 1ನೇ ಹೆಚ್ಚುವರಿ ಸಿವಿಲ್ ನ್ಯಾಯಾಧೀಶರು ಮತ್ತು ಪ್ರಥಮ ದರ್ಜೆ ನ್ಯಾಯಿಕ ದಂಡಾಧಿಕಾರಿಗಳವರ ನ್ಯಾಯಾಲಯ, ಹೊಸಪೇಟೆ
ನಡುವೆ :
ಅಲ್ಲಪ್ಪ ತಂದೆ ರಾಮಪ್ಪ
...ಅರ್ಜಿದಾರ
ಮತ್ತು
ತಹಶೀಲ್ದಾರರು ಹಾಗೂ ಜನನ ಮತ್ತು ಮರಣ
ನೋಂದಣಾಧಿಕಾರಿಗಳು
ಹೊಸಪೇಟೆ, ವಿಜಯನಗರ ಜಿಲ್ಲೆ.
...ಎದುರುದಾರರು
:ನೋಟೀಸು:
ಮೇಲ್ಕಾಣಿಸಿದ ಅರ್ಜಿದಾರರು ತಮ್ಮ ಮಗನ ಜನನ ದಿನಾಂಕವನ್ನು ಜನನ ಮತ್ತು ಮರಣ ನೋಂದಣಿ ಕಾಯ್ದೆ 1969ರ ಕಲಂ 13(3) ರನ್ವಯ ಜನನ ಪ್ರಮಾಣ ಪತ್ರ ನೀಡುವಂತೆ ಎದುರುದಾರರಿಗೆ ಆದೇಶಿಸಲು ಕೋರಿ ಈ ನ್ಯಾಯಾಲಯದಲ್ಲಿ ಅರ್ಜಿಯನ್ನು ಸಲ್ಲಿಸಿರುತ್ತಾರೆ. ಕಾರಣ ಸದರಿ ಅರ್ಜಿಯನ್ನು ಎದುರಿಸಲು ಯಾರಿಗಾದರೂ ಆಕ್ಷೇಪಣೆ ಇದ್ದಲ್ಲಿ ದಿನಾಂಕ : 15-03-2024 ಬೆಳಿಗ್ಗೆ 11.00 ಗಂಟೆಗೆ ಸದರಿ ನ್ಯಾಯಾಲಯಕ್ಕೆ ಖುದ್ದಾಗಿ ಅಥವಾ ವಕೀಲರ ಮುಖಾಂತರ ಹಾಜರಾಗಿ ತಮ್ಮ ತಕರಾರು ಸಲ್ಲಿಸಬಹುದು. ತಪ್ಪಿದಲ್ಲಿ ಅರ್ಜಿಯನ್ನು ಏಕಪಕ್ಷೀಯವಾಗಿ ತೀರ್ಮಾನಿಸಲಾಗುವುದು.
ದಿನಾಂಕ : 28-02-2024 ರಂದು ನ್ಯಾಯಾಲಯದ ಮೊಹರು ಮತ್ತು ನನ್ನ ಸಹಿಯೊಂದಿಗೆ ನೀಡಲಾಗಿದೆ.
ನ್ಯಾಯಾಲಯದ ಅಜ್ಞೇಯ ಮೇರೆಗೆ
ಸಹಿ/-
ಶ್ರೀ ರವೀಂದ್ರ
ವಕೀಲರು, ಹೊಸಪೇಟೆ
ಶಿರಸ್ತೇದಾರ
1ನೇ ಹೆಚ್ಚುವರಿ ಸಿವಿಲ್ ನ್ಯಾಯಾಧೀಶರು ಮತ್ತು ಜೆ.ಎಂ.ಎಫ್.ಸಿ. ನ್ಯಾಯಾಲಯ, ಹೊಸಪೇಟೆ
